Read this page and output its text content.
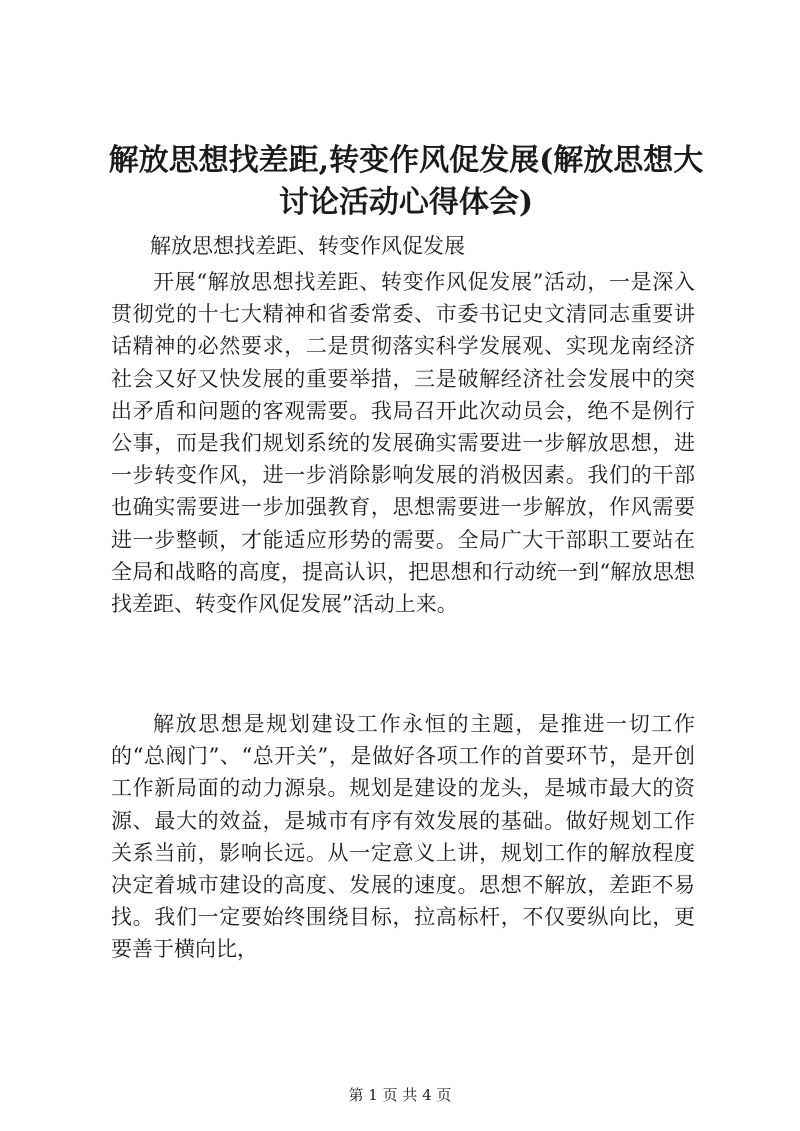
解放思想找差距,转变作风促发展(解放思想大讨论活动心得体会)

解放思想找差距、转变作风促发展

开展“解放思想找差距、转变作风促发展”活动，一是深入贯彻党的十七大精神和省委常委、市委书记史文清同志重要讲话精神的必然要求，二是贯彻落实科学发展观、实现龙南经济社会又好又快发展的重要举措，三是破解经济社会发展中的突出矛盾和问题的客观需要。我局召开此次动员会，绝不是例行公事，而是我们规划系统的发展确实需要进一步解放思想，进一步转变作风，进一步消除影响发展的消极因素。我们的干部也确实需要进一步加强教育，思想需要进一步解放，作风需要进一步整顿，才能适应形势的需要。全局广大干部职工要站在全局和战略的高度，提高认识，把思想和行动统一到“解放思想找差距、转变作风促发展”活动上来。

解放思想是规划建设工作永恒的主题，是推进一切工作的“总阀门”、“总开关”，是做好各项工作的首要环节，是开创工作新局面的动力源泉。规划是建设的龙头，是城市最大的资源、最大的效益，是城市有序有效发展的基础。做好规划工作关系当前，影响长远。从一定意义上讲，规划工作的解放程度决定着城市建设的高度、发展的速度。思想不解放，差距不易找。我们一定要始终围绕目标，拉高标杆，不仅要纵向比，更要善于横向比，

第 1 页 共 4 页
